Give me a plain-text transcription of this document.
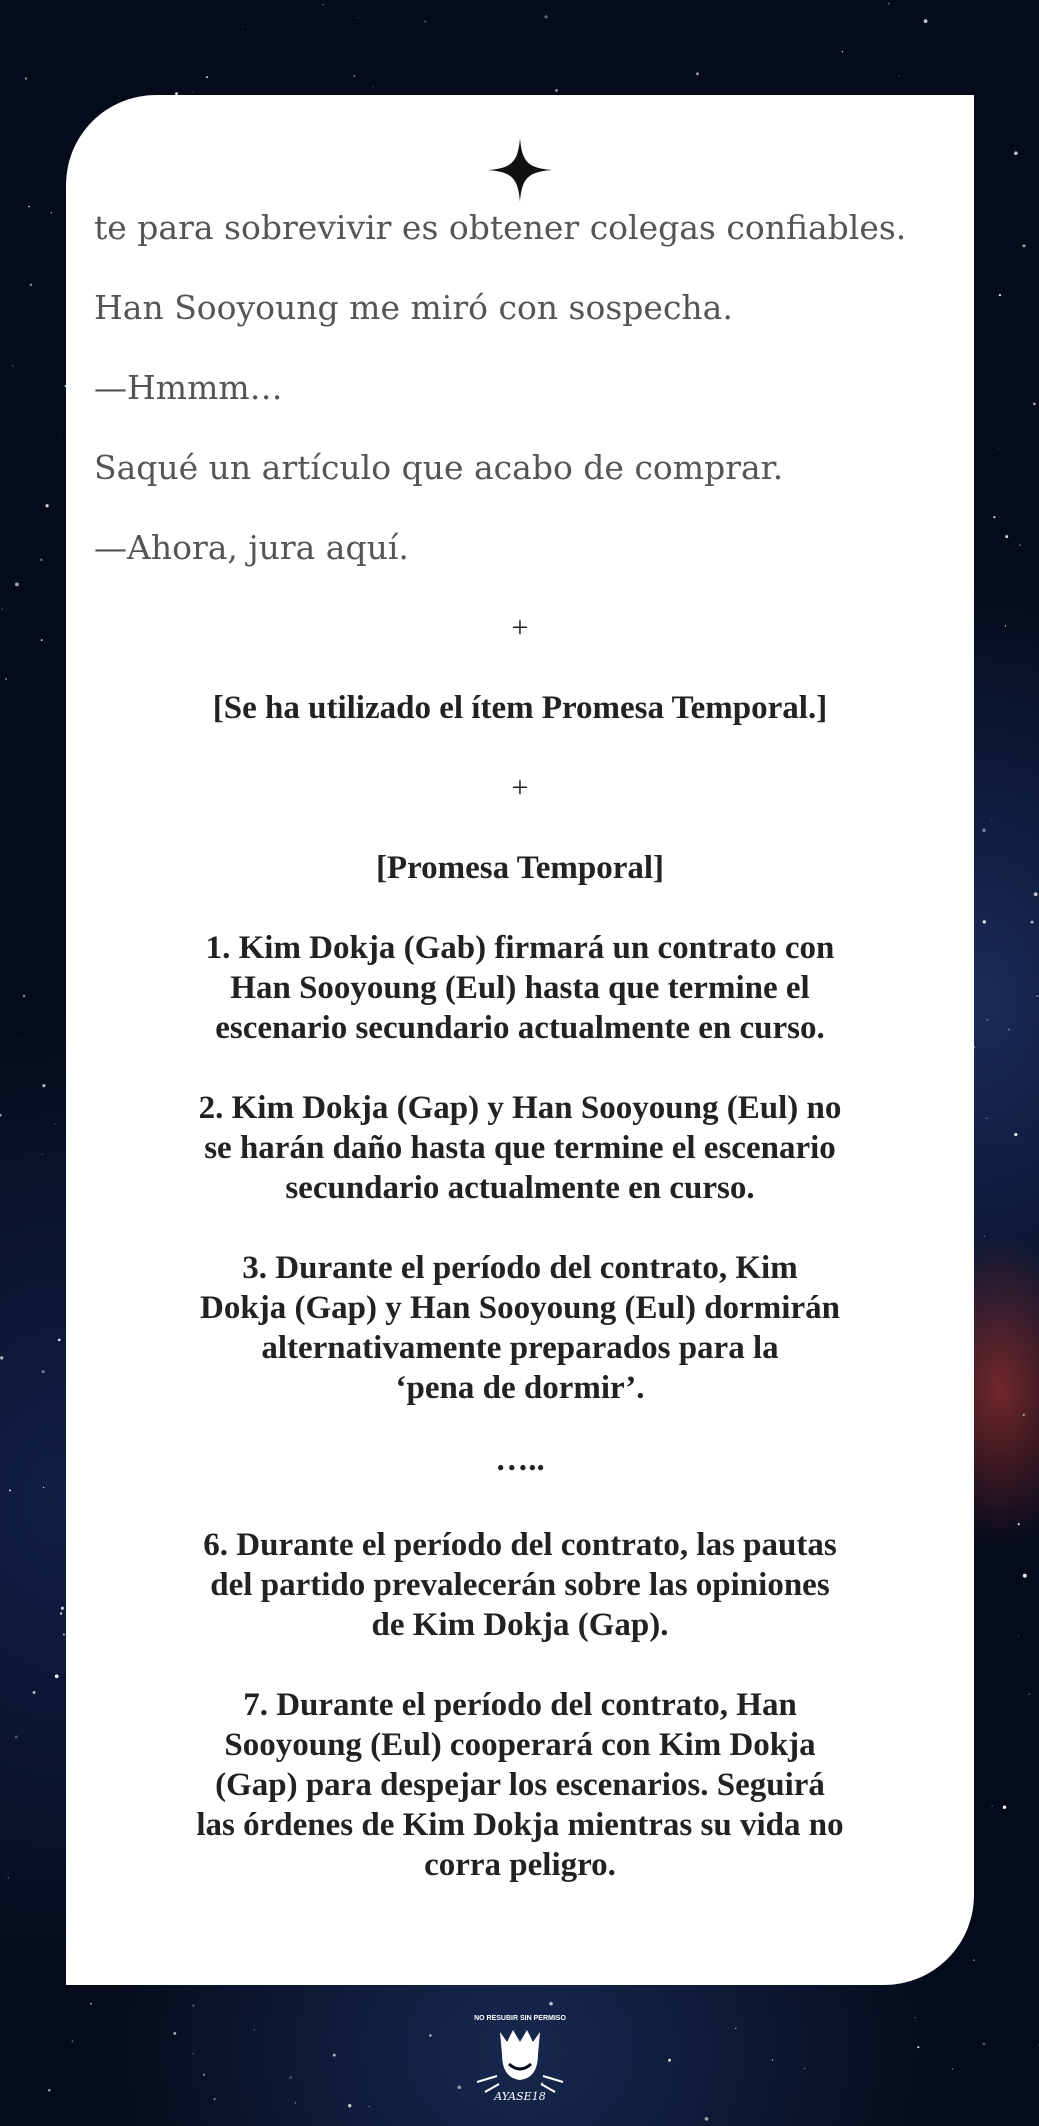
te para sobrevivir es obtener colegas confiables.

Han Sooyoung me miró con sospecha.

—Hmmm…

Saqué un artículo que acabo de comprar.

—Ahora, jura aquí.

+

[Se ha utilizado el ítem Promesa Temporal.]

+

[Promesa Temporal]

1. Kim Dokja (Gab) firmará un contrato con
Han Sooyoung (Eul) hasta que termine el
escenario secundario actualmente en curso.
2. Kim Dokja (Gap) y Han Sooyoung (Eul) no
se harán daño hasta que termine el escenario
secundario actualmente en curso.
3. Durante el período del contrato, Kim
Dokja (Gap) y Han Sooyoung (Eul) dormirán
alternativamente preparados para la
‘pena de dormir’.

…..

6. Durante el período del contrato, las pautas
del partido prevalecerán sobre las opiniones
de Kim Dokja (Gap).
7. Durante el período del contrato, Han
Sooyoung (Eul) cooperará con Kim Dokja
(Gap) para despejar los escenarios. Seguirá
las órdenes de Kim Dokja mientras su vida no
corra peligro.
NO RESUBIR SIN PERMISO
AYASE18
